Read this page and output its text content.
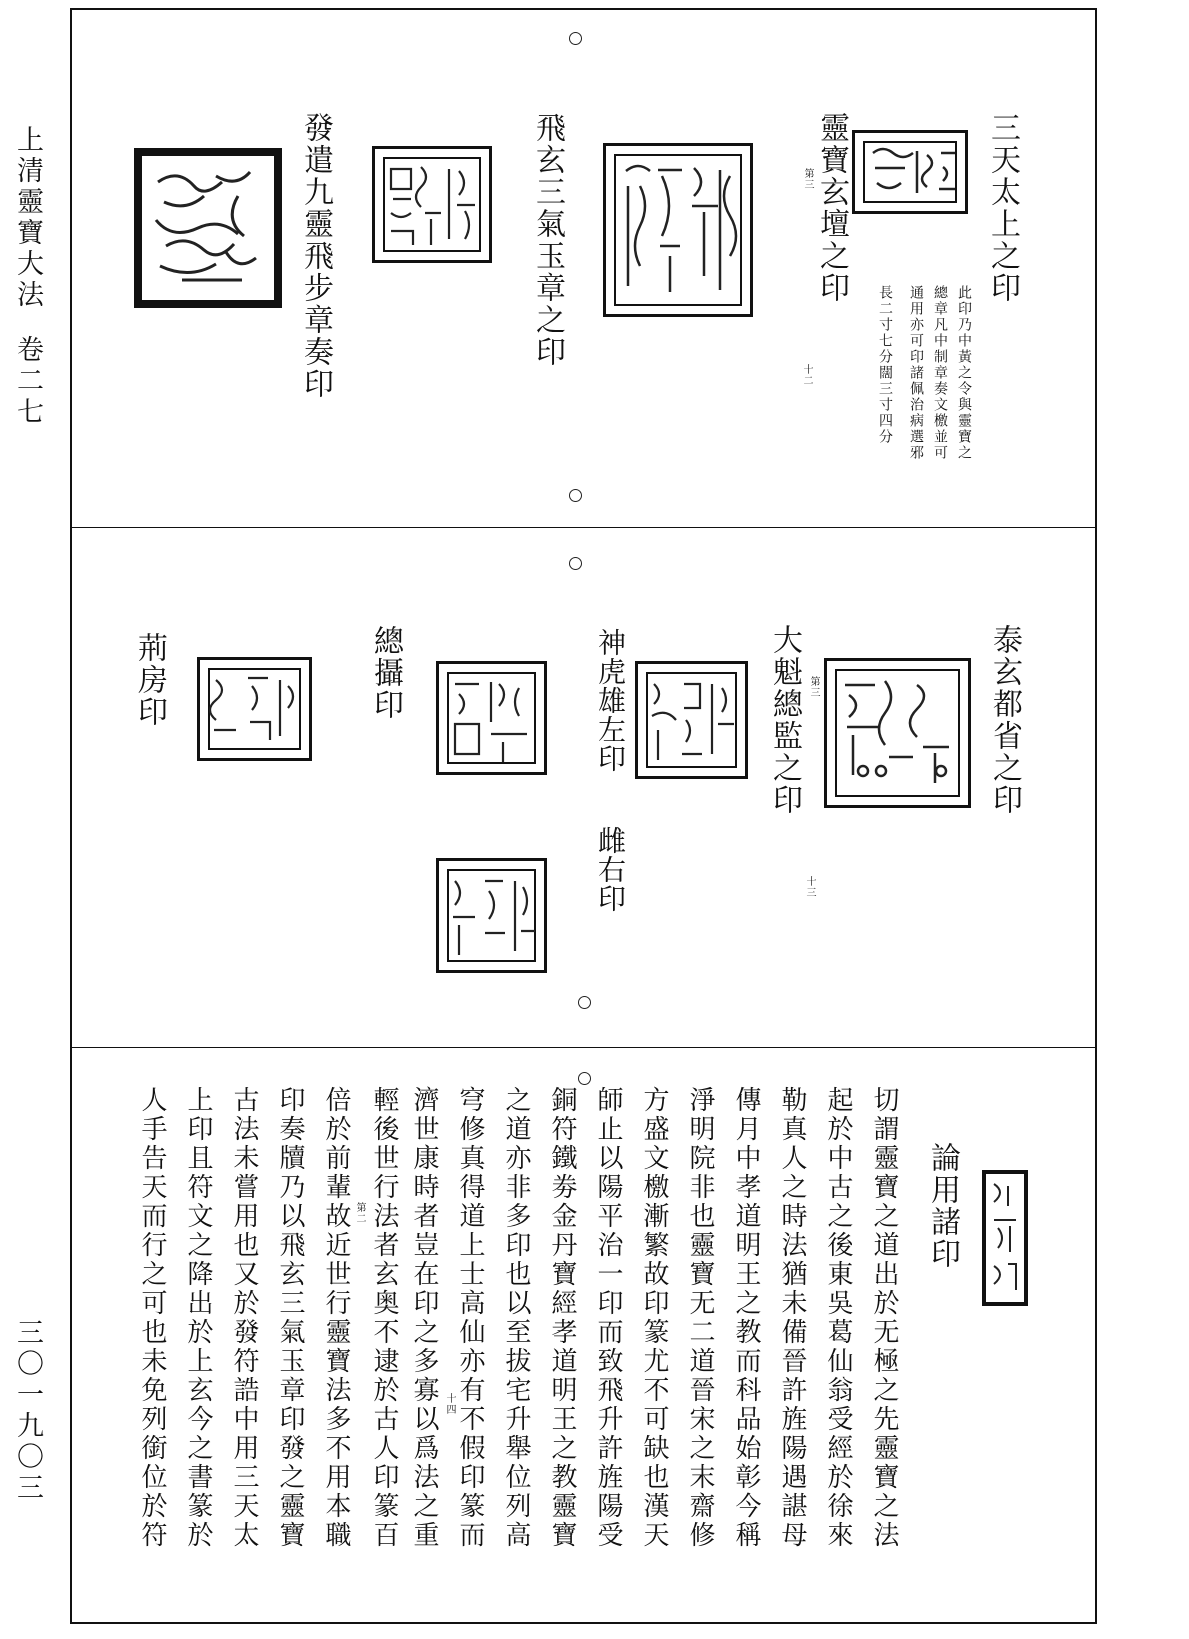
上清靈寶大法
卷二七
三〇一九〇三
三天太上之印
此印乃中黃之令與靈寶之
總章凡中制章奏文檄並可
通用亦可印諸佩治病選邪
長二寸七分闊三寸四分
第三 靈寶玄壇之印
十二
飛玄三氣玉章之印
發遣九靈飛步章奏印
泰玄都省之印
第三
大魁總監之印
十三
神虎雄左印
總攝印
荊房印
雌右印
論用諸印
第二
十四	切謂靈寶之道出於无極之先靈寶之法
起於中古之後東吳葛仙翁受經於徐來
勒真人之時法猶未備晉許旌陽遇諶母
傳月中孝道明王之教而科品始彰今稱
淨明院非也靈寶无二道晉宋之末齋修
方盛文檄漸繁故印篆尤不可缺也漢天
師止以陽平治一印而致飛升許旌陽受
銅符鐵劵金丹寶經孝道明王之教靈寶
之道亦非多印也以至拔宅升舉位列高
穹修真得道上士高仙亦有不假印篆而
濟世康時者豈在印之多寡以爲法之重
輕後世行法者玄奥不逮於古人印篆百
倍於前輩故近世行靈寶法多不用本職
印奏牘乃以飛玄三氣玉章印發之靈寶
古法未嘗用也又於發符誥中用三天太
上印且符文之降出於上玄今之書篆於
人手告天而行之可也未免列銜位於符
